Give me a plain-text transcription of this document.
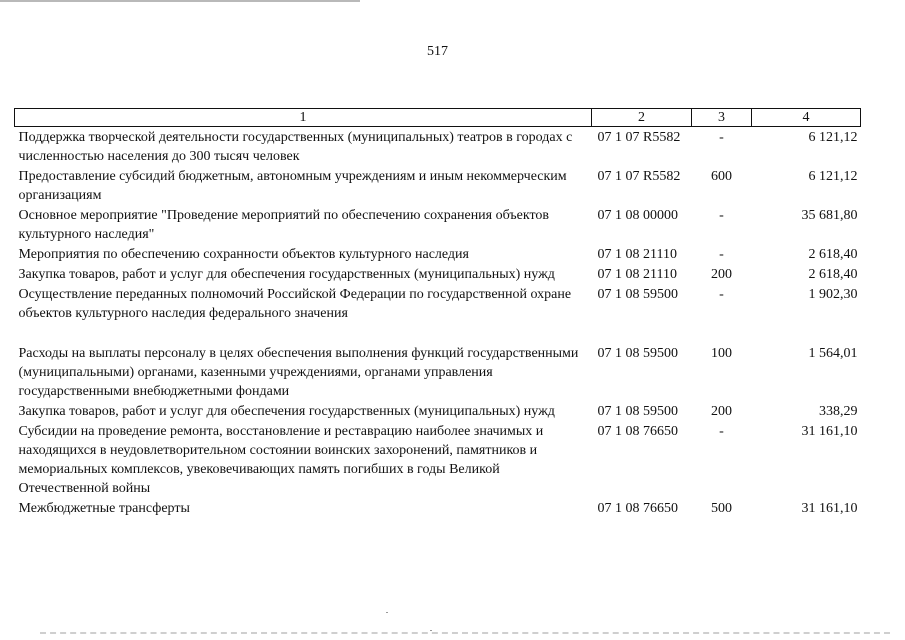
517
1	2	3	4
Поддержка творческой деятельности государственных (муниципальных) театров в городах с численностью населения до 300 тысяч человек	07 1 07 R5582	-	6 121,12
Предоставление субсидий бюджетным, автономным учреждениям и иным некоммерческим организациям	07 1 07 R5582	600	6 121,12
Основное мероприятие "Проведение мероприятий по обеспечению сохранения объектов культурного наследия"	07 1 08 00000	-	35 681,80
Мероприятия по обеспечению сохранности объектов культурного наследия	07 1 08 21110	-	2 618,40
Закупка товаров, работ и услуг для обеспечения государственных (муниципальных) нужд	07 1 08 21110	200	2 618,40
Осуществление переданных полномочий Российской Федерации по государственной охране объектов культурного наследия федерального значения	07 1 08 59500	-	1 902,30

Расходы на выплаты персоналу в целях обеспечения выполнения функций государственными (муниципальными) органами, казенными учреждениями, органами управления государственными внебюджетными фондами	07 1 08 59500	100	1 564,01
Закупка товаров, работ и услуг для обеспечения государственных (муниципальных) нужд	07 1 08 59500	200	338,29
Субсидии на проведение ремонта, восстановление и реставрацию наиболее значимых и находящихся в неудовлетворительном состоянии воинских захоронений, памятников и мемориальных комплексов, увековечивающих память погибших в годы Великой Отечественной войны	07 1 08 76650	-	31 161,10
Межбюджетные трансферты	07 1 08 76650	500	31 161,10
